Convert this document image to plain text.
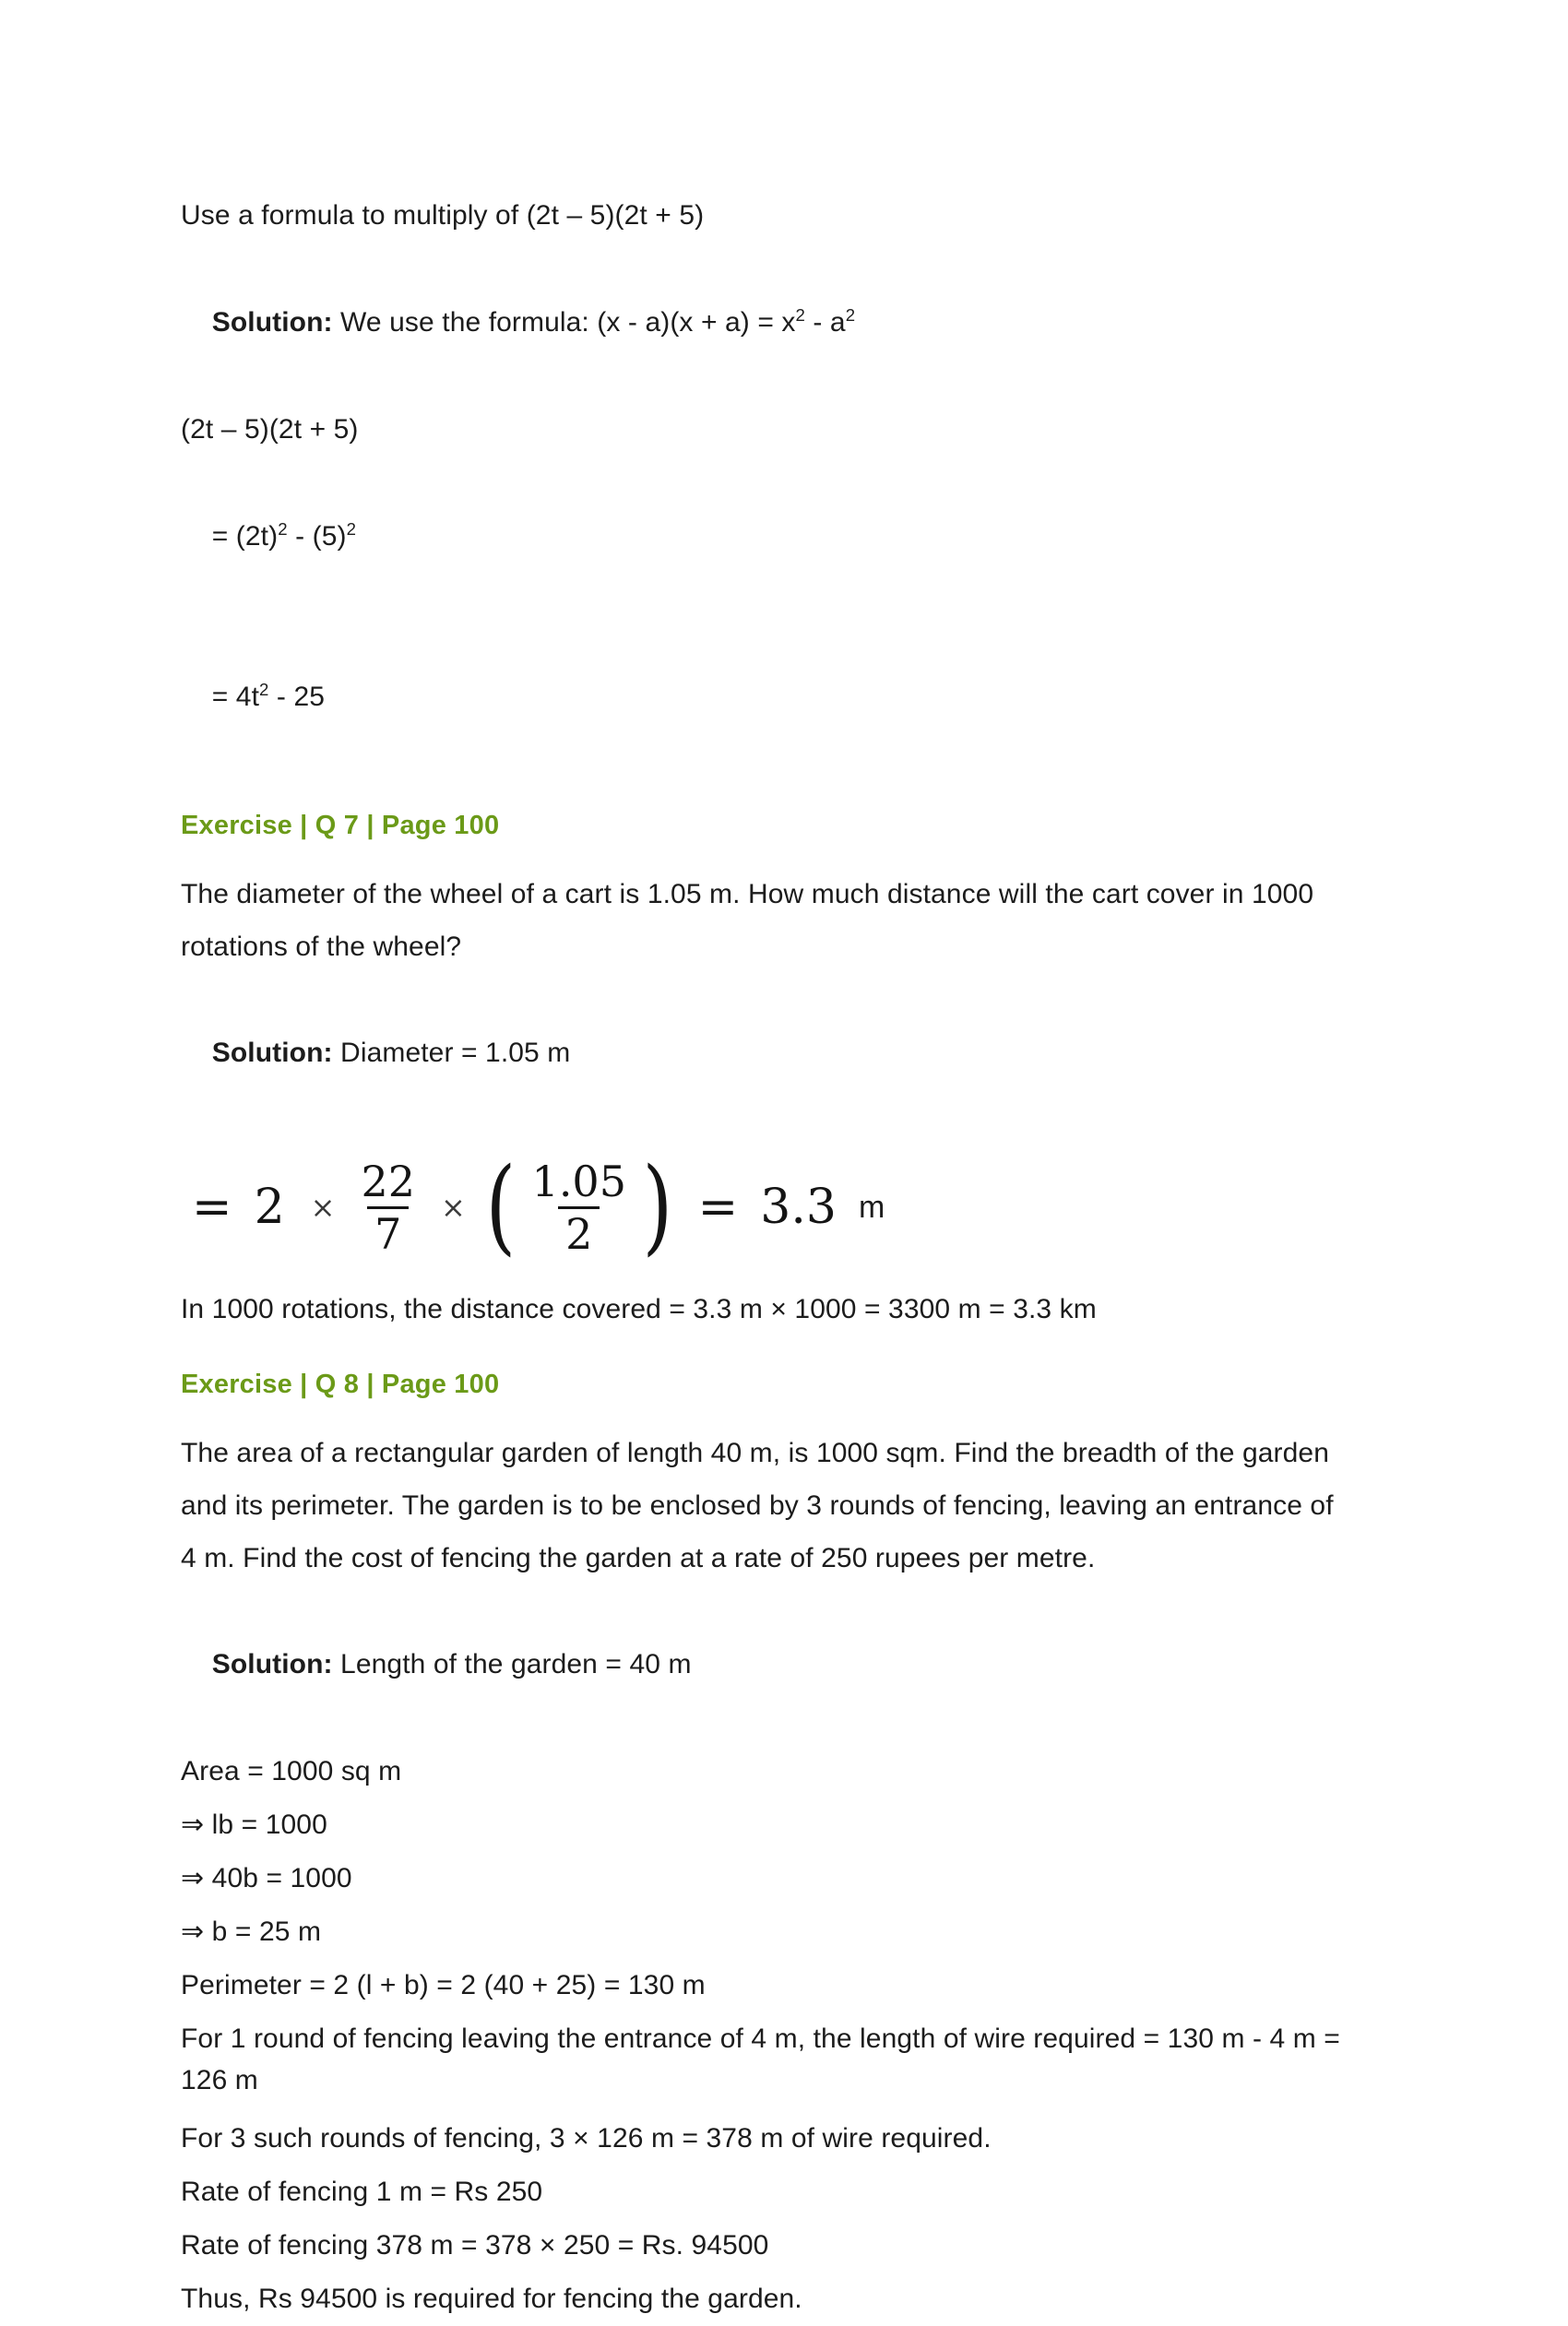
Use a formula to multiply of (2t – 5)(2t + 5)

Solution: We use the formula: $(x - a)(x + a) = x^2 - a^2$

(2t – 5)(2t + 5)

= $(2t)^2 - (5)^2$

= $4t^2 - 25$

Exercise | Q 7 | Page 100
The diameter of the wheel of a cart is 1.05 m. How much distance will the cart cover in 1000 rotations of the wheel?

Solution: Diameter = 1.05 m

= $2 \times \frac{22}{7}$ × ( $\frac{1.05}{2}$ ) = 3.3 m
In 1000 rotations, the distance covered = 3.3 m × 1000 = 3300 m = 3.3 km
Exercise | Q 8 | Page 100
The area of a rectangular garden of length 40 m, is 1000 sqm. Find the breadth of the garden and its perimeter. The garden is to be enclosed by 3 rounds of fencing, leaving an entrance of 4 m. Find the cost of fencing the garden at a rate of 250 rupees per metre.

Solution: Length of the garden = 40 m

Area = 1000 sq m
⇒ lb = 1000
⇒ 40b = 1000
⇒ b = 25 m
Perimeter = 2 (l + b) = 2 (40 + 25) = 130 m
For 1 round of fencing leaving the entrance of 4 m, the length of wire required = 130 m - 4 m = 126 m
For 3 such rounds of fencing, 3 × 126 m = 378 m of wire required.
Rate of fencing 1 m = Rs 250
Rate of fencing 378 m = 378 × 250 = Rs. 94500
Thus, Rs 94500 is required for fencing the garden.
